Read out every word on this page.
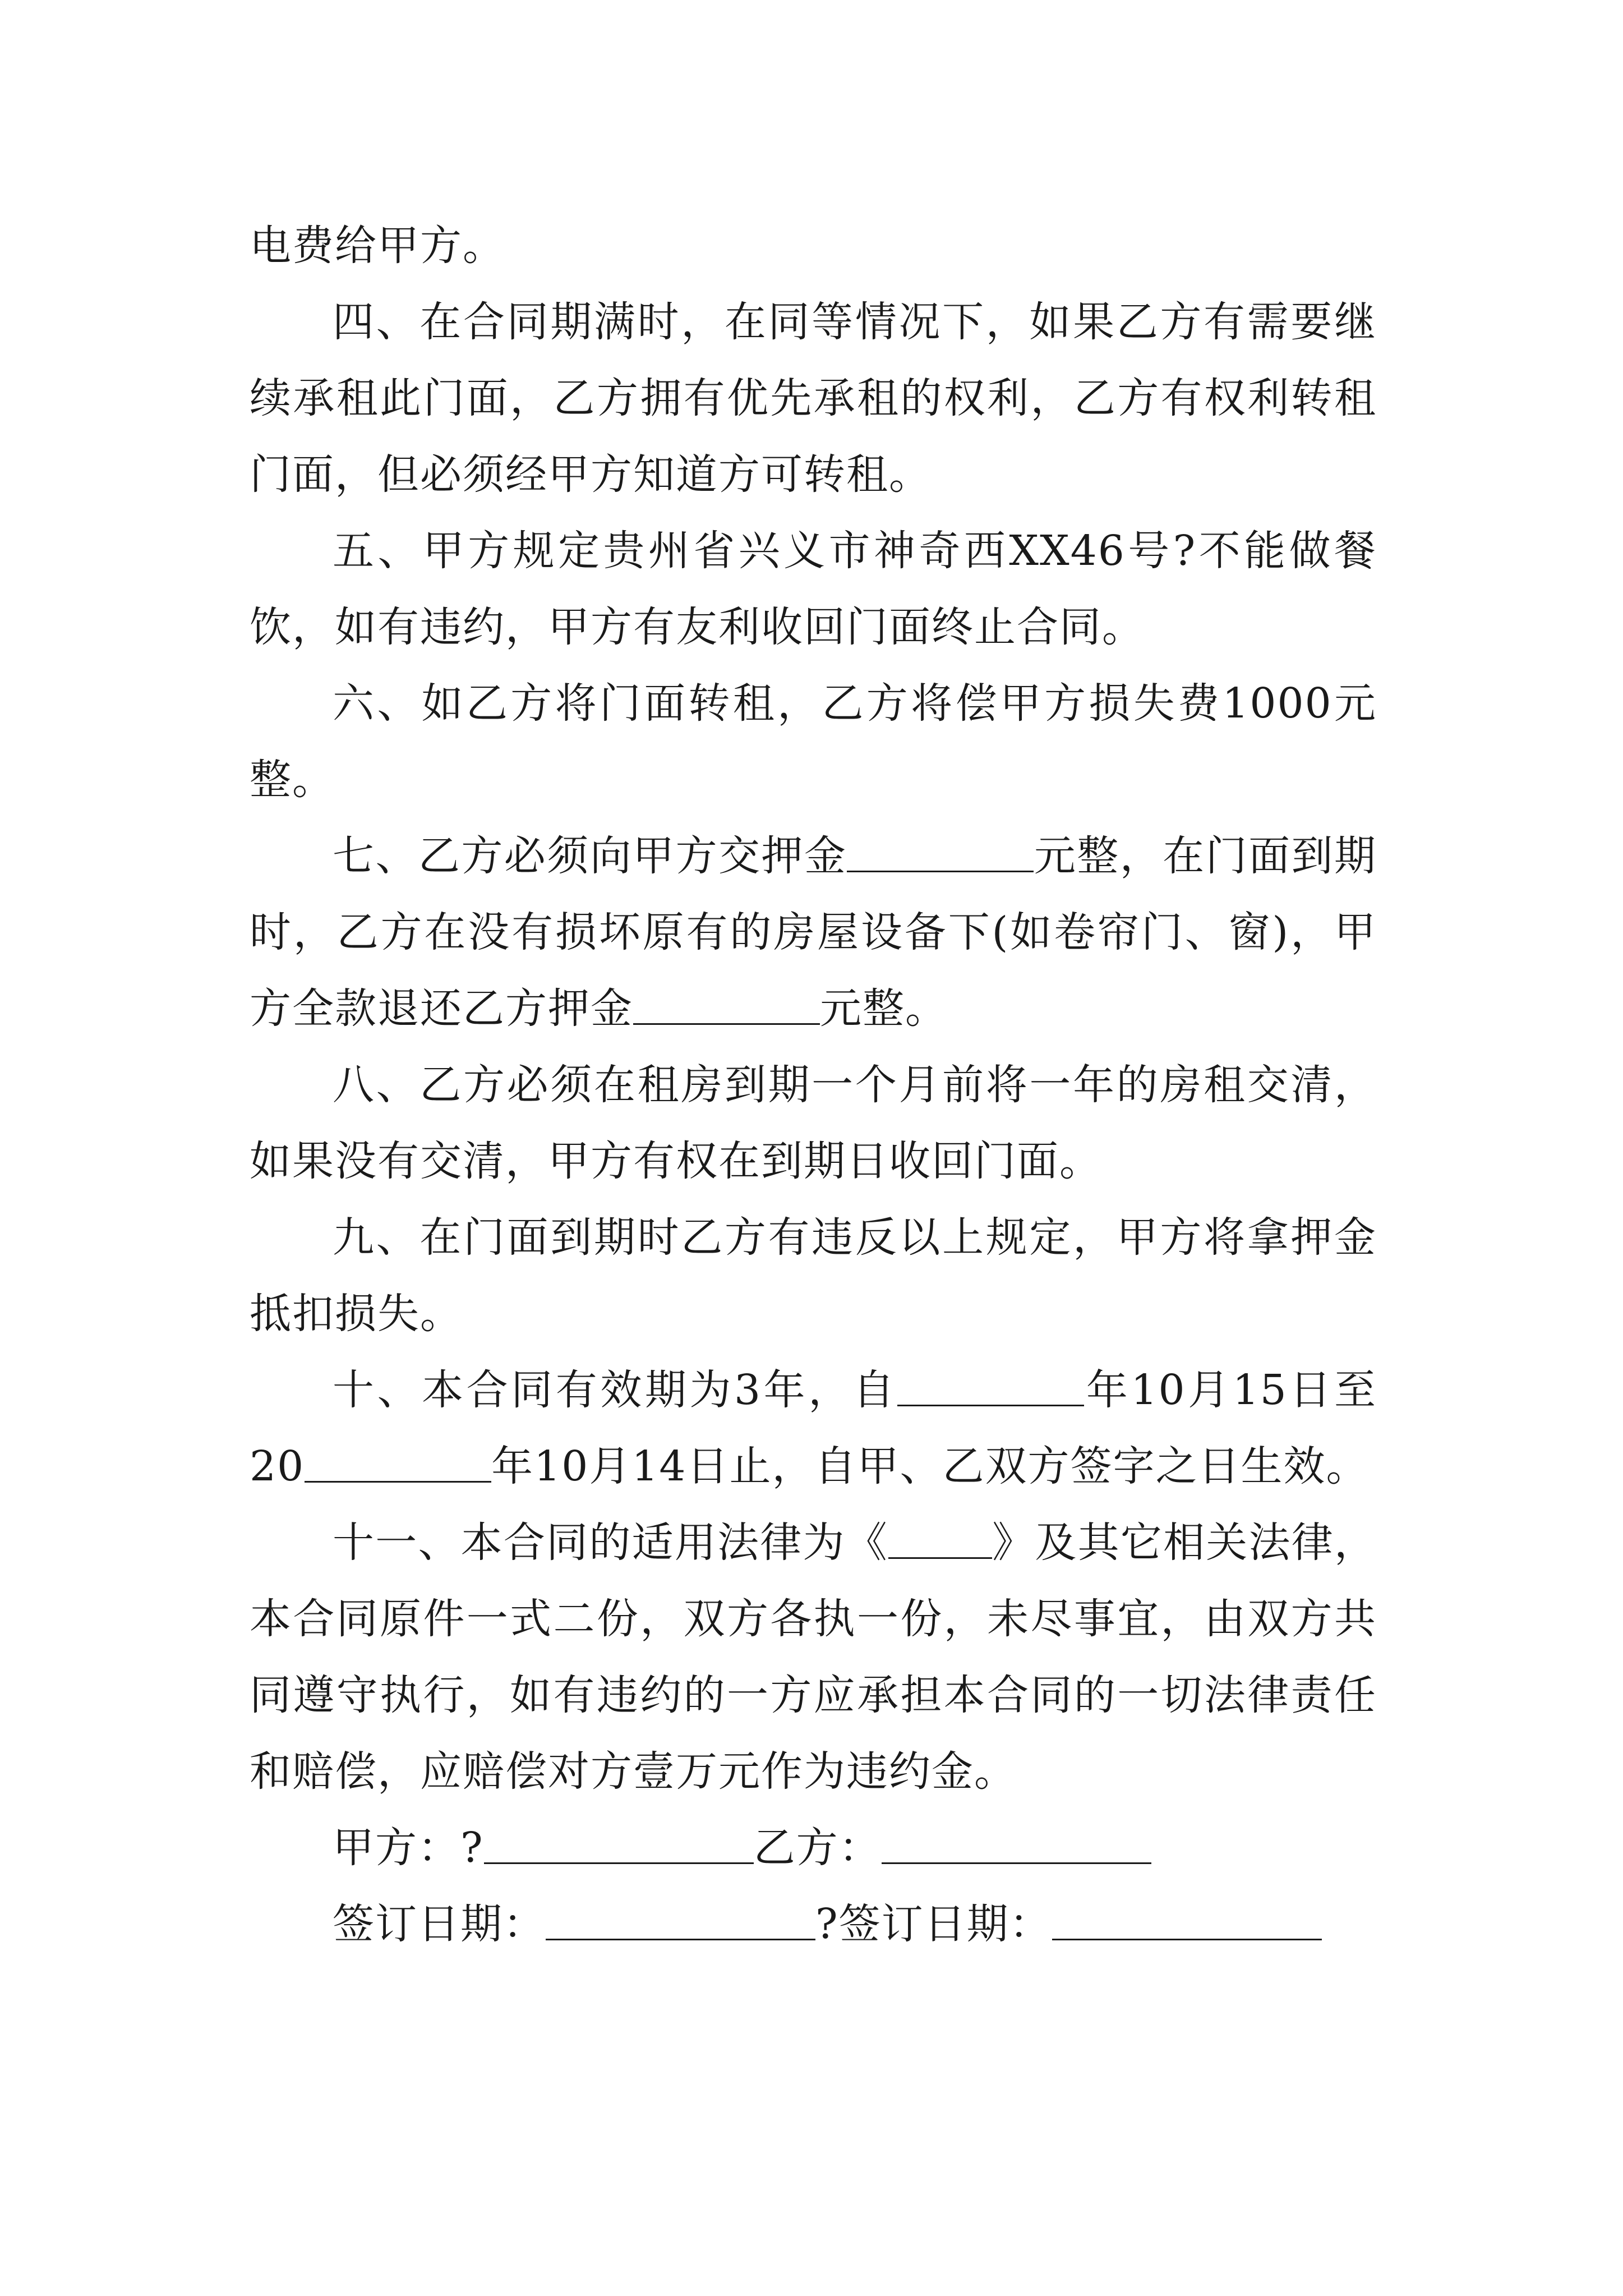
电费给甲方。

四、在合同期满时，在同等情况下，如果乙方有需要继续承租此门面，乙方拥有优先承租的权利，乙方有权利转租门面，但必须经甲方知道方可转租。

五、甲方规定贵州省兴义市神奇西XX46号?不能做餐饮，如有违约，甲方有友利收回门面终止合同。

六、如乙方将门面转租，乙方将偿甲方损失费1000元整。

七、乙方必须向甲方交押金	元整，在门面到期时，乙方在没有损坏原有的房屋设备下(如卷帘门、窗)，甲方全款退还乙方押金	元整。

八、乙方必须在租房到期一个月前将一年的房租交清，如果没有交清，甲方有权在到期日收回门面。

九、在门面到期时乙方有违反以上规定，甲方将拿押金抵扣损失。

十、本合同有效期为3年，自	年10月15日至20	年10月14日止，自甲、乙双方签字之日生效。

十一、本合同的适用法律为《	》及其它相关法律，本合同原件一式二份，双方各执一份，未尽事宜，由双方共同遵守执行，如有违约的一方应承担本合同的一切法律责任和赔偿，应赔偿对方壹万元作为违约金。

甲方：?	乙方：

签订日期：	?签订日期：
